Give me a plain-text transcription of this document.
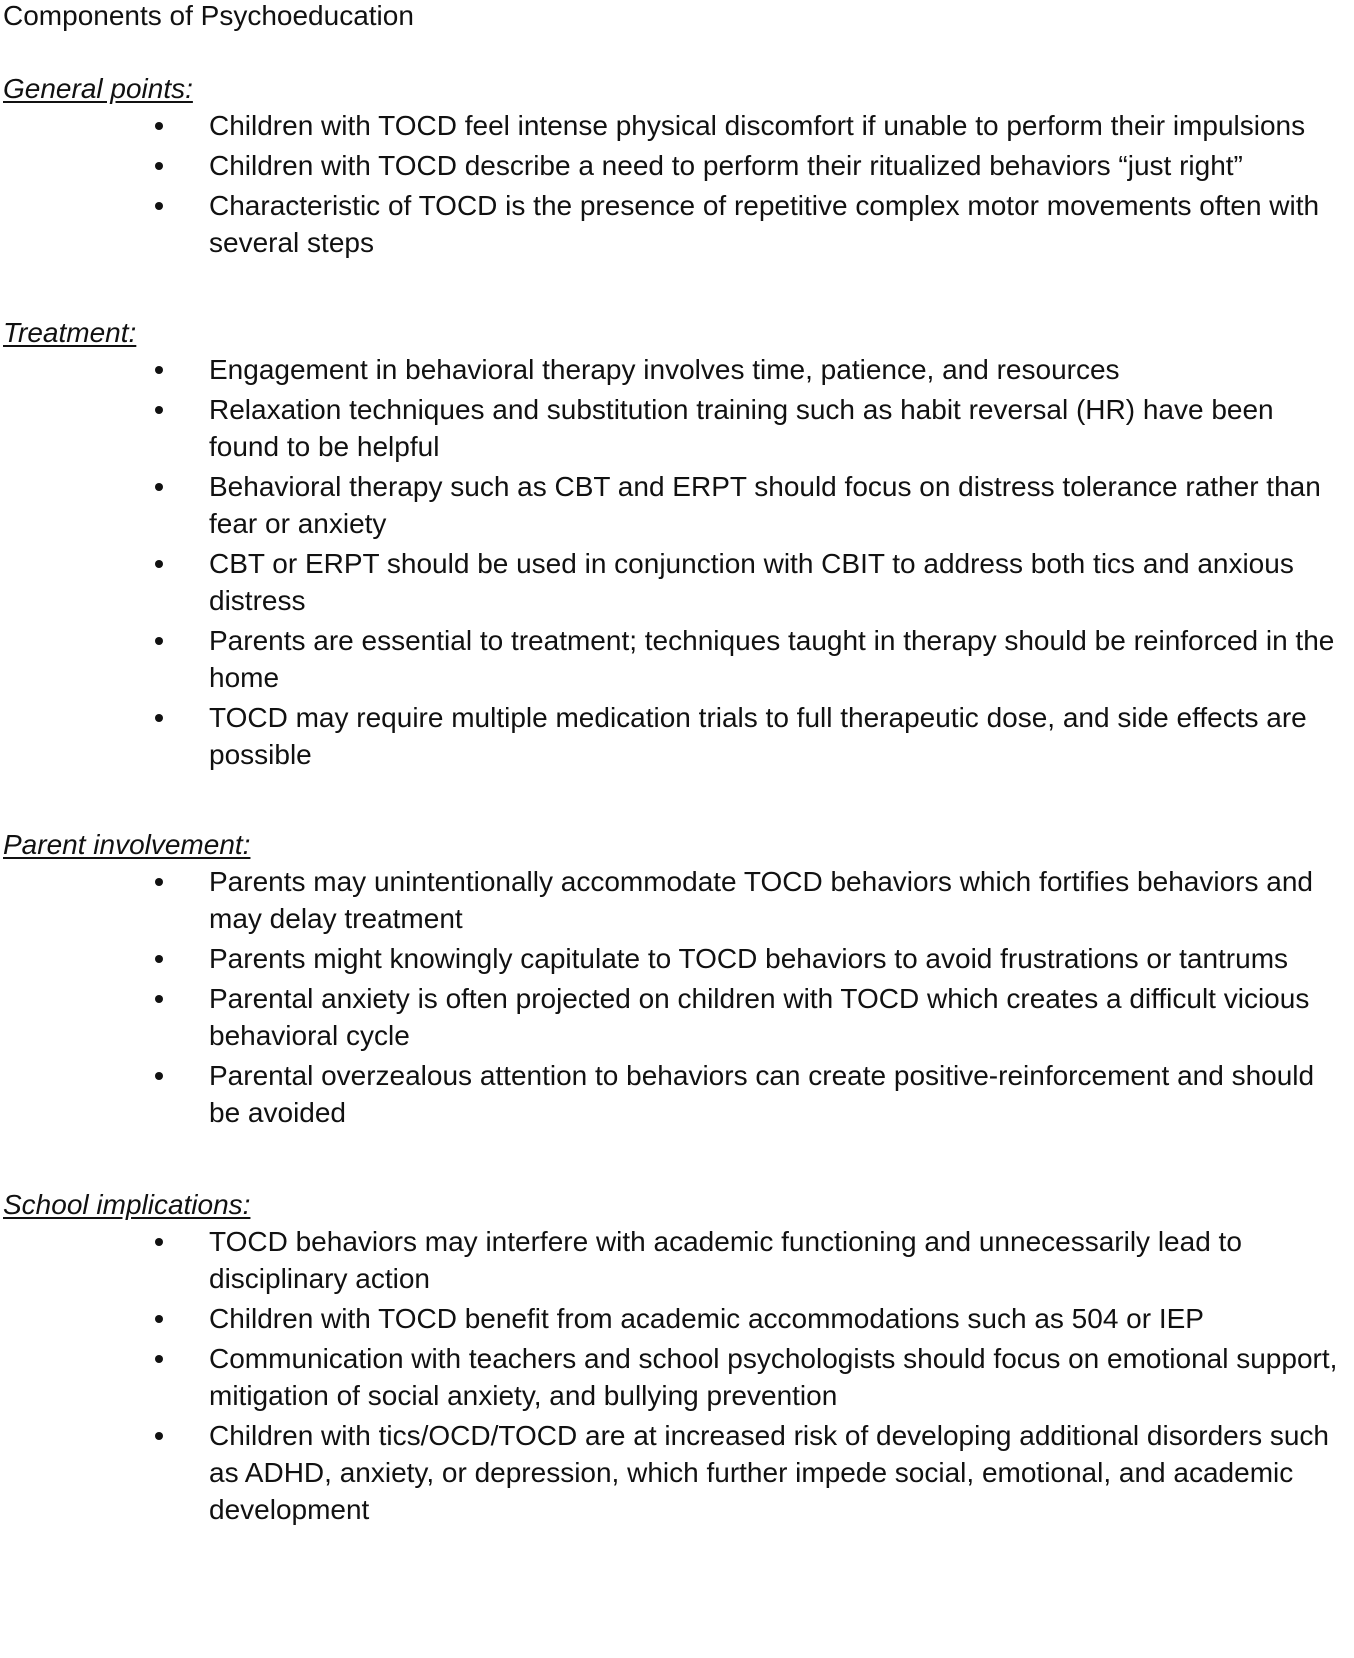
Components of Psychoeducation
General points:
Children with TOCD feel intense physical discomfort if unable to perform their impulsions
Children with TOCD describe a need to perform their ritualized behaviors “just right”
Characteristic of TOCD is the presence of repetitive complex motor movements often with several steps
Treatment:
Engagement in behavioral therapy involves time, patience, and resources
Relaxation techniques and substitution training such as habit reversal (HR) have been found to be helpful
Behavioral therapy such as CBT and ERPT should focus on distress tolerance rather than fear or anxiety
CBT or ERPT should be used in conjunction with CBIT to address both tics and anxious distress
Parents are essential to treatment; techniques taught in therapy should be reinforced in the home
TOCD may require multiple medication trials to full therapeutic dose, and side effects are possible
Parent involvement:
Parents may unintentionally accommodate TOCD behaviors which fortifies behaviors and may delay treatment
Parents might knowingly capitulate to TOCD behaviors to avoid frustrations or tantrums
Parental anxiety is often projected on children with TOCD which creates a difficult vicious behavioral cycle
Parental overzealous attention to behaviors can create positive-reinforcement and should be avoided
School implications:
TOCD behaviors may interfere with academic functioning and unnecessarily lead to disciplinary action
Children with TOCD benefit from academic accommodations such as 504 or IEP
Communication with teachers and school psychologists should focus on emotional support, mitigation of social anxiety, and bullying prevention
Children with tics/OCD/TOCD are at increased risk of developing additional disorders such as ADHD, anxiety, or depression, which further impede social, emotional, and academic development
